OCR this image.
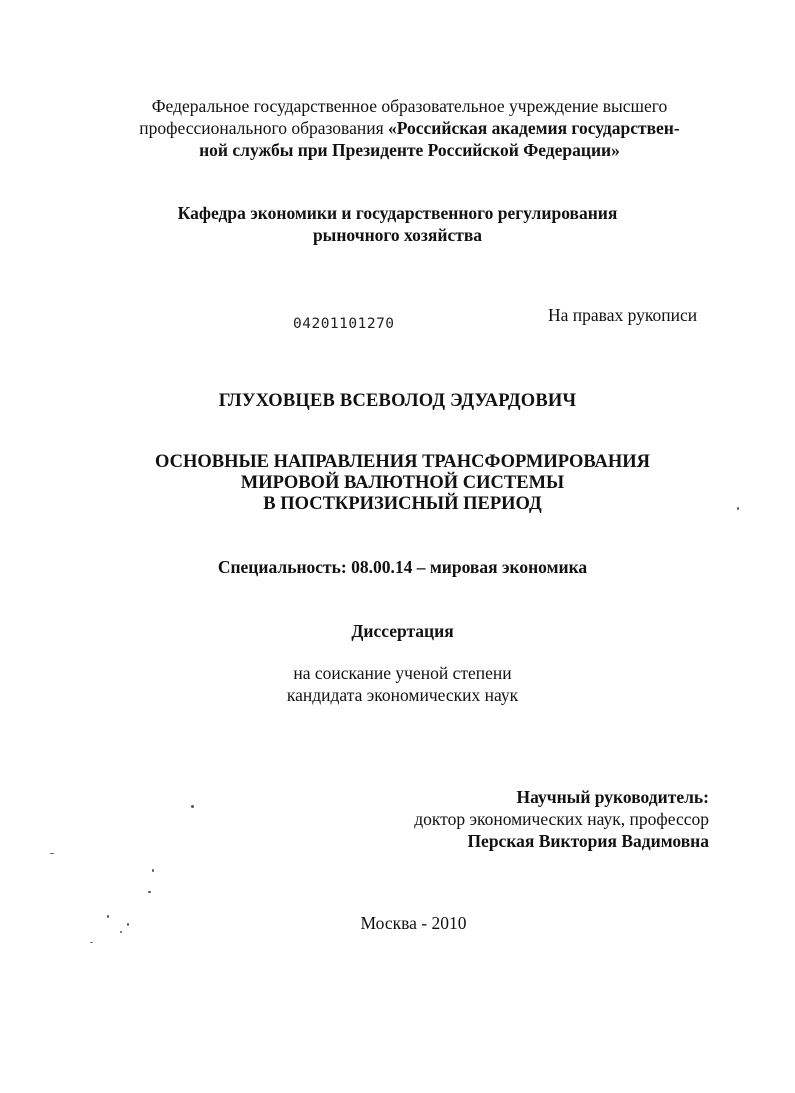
Федеральное государственное образовательное учреждение высшего
профессионального образования «Российская академия государствен-
ной службы при Президенте Российской Федерации»
Кафедра экономики и государственного регулирования
рыночного хозяйства
04201101270	На правах рукописи
ГЛУХОВЦЕВ ВСЕВОЛОД ЭДУАРДОВИЧ
ОСНОВНЫЕ НАПРАВЛЕНИЯ ТРАНСФОРМИРОВАНИЯ
МИРОВОЙ ВАЛЮТНОЙ СИСТЕМЫ
В ПОСТКРИЗИСНЫЙ ПЕРИОД
Специальность: 08.00.14 – мировая экономика
Диссертация
на соискание ученой степени
кандидата экономических наук
Научный руководитель:
доктор экономических наук, профессор
Перская Виктория Вадимовна
Москва - 2010
